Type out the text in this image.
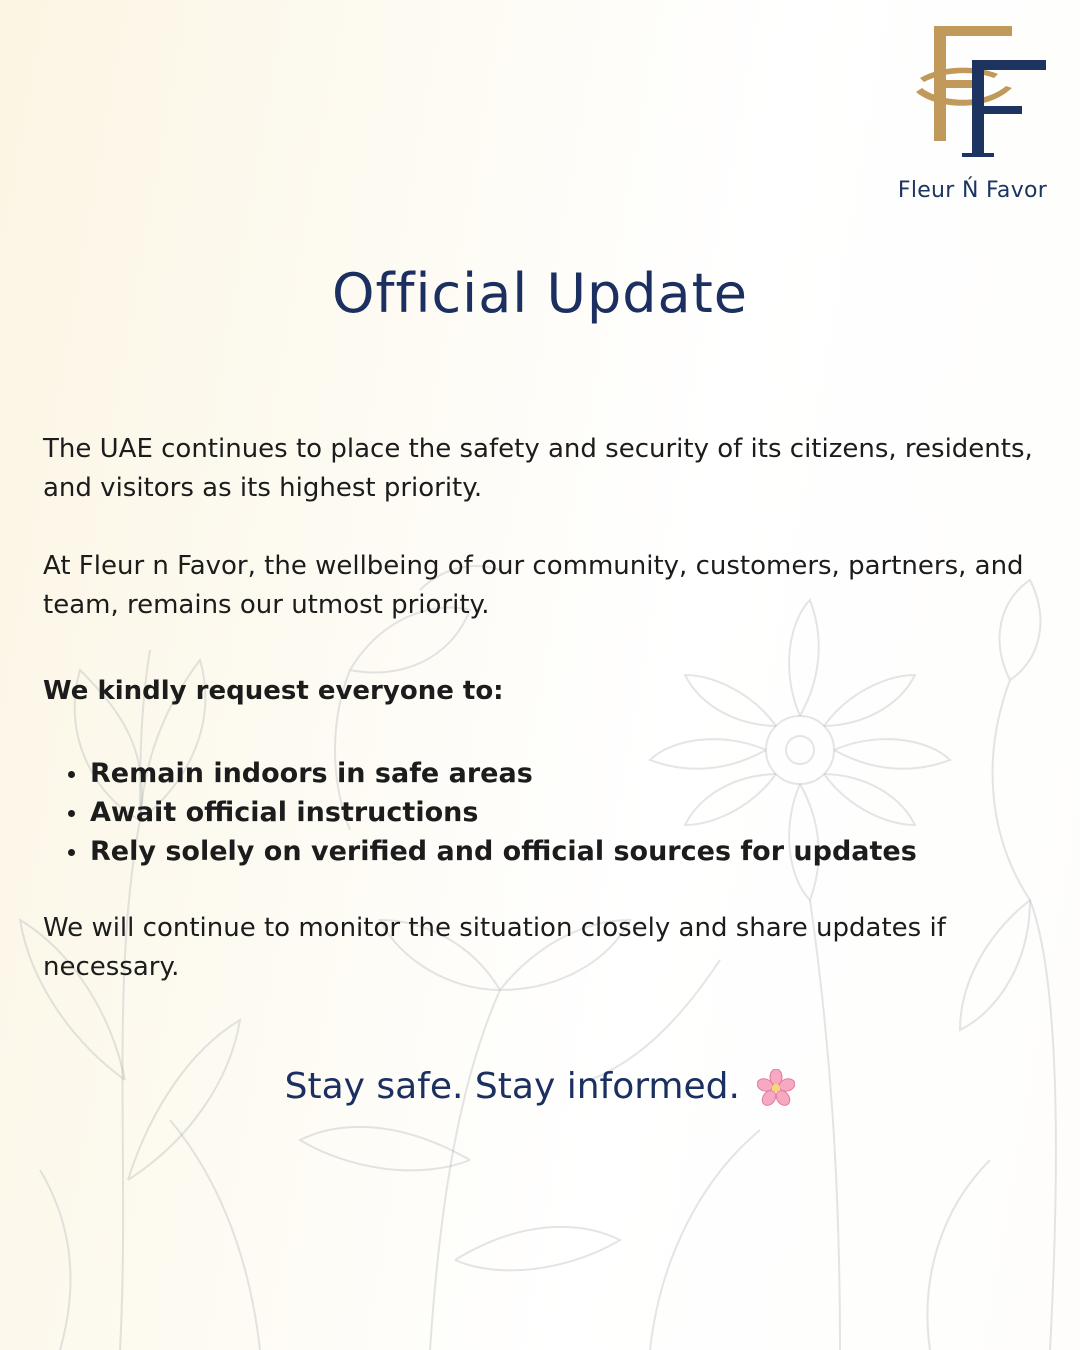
Fleur Ń Favor
Official Update

The UAE continues to place the safety and security of its citizens, residents, and visitors as its highest priority.

At Fleur n Favor, the wellbeing of our community, customers, partners, and team, remains our utmost priority.

We kindly request everyone to:

Remain indoors in safe areas
Await official instructions
Rely solely on verified and official sources for updates

We will continue to monitor the situation closely and share updates if necessary.

Stay safe. Stay informed.
